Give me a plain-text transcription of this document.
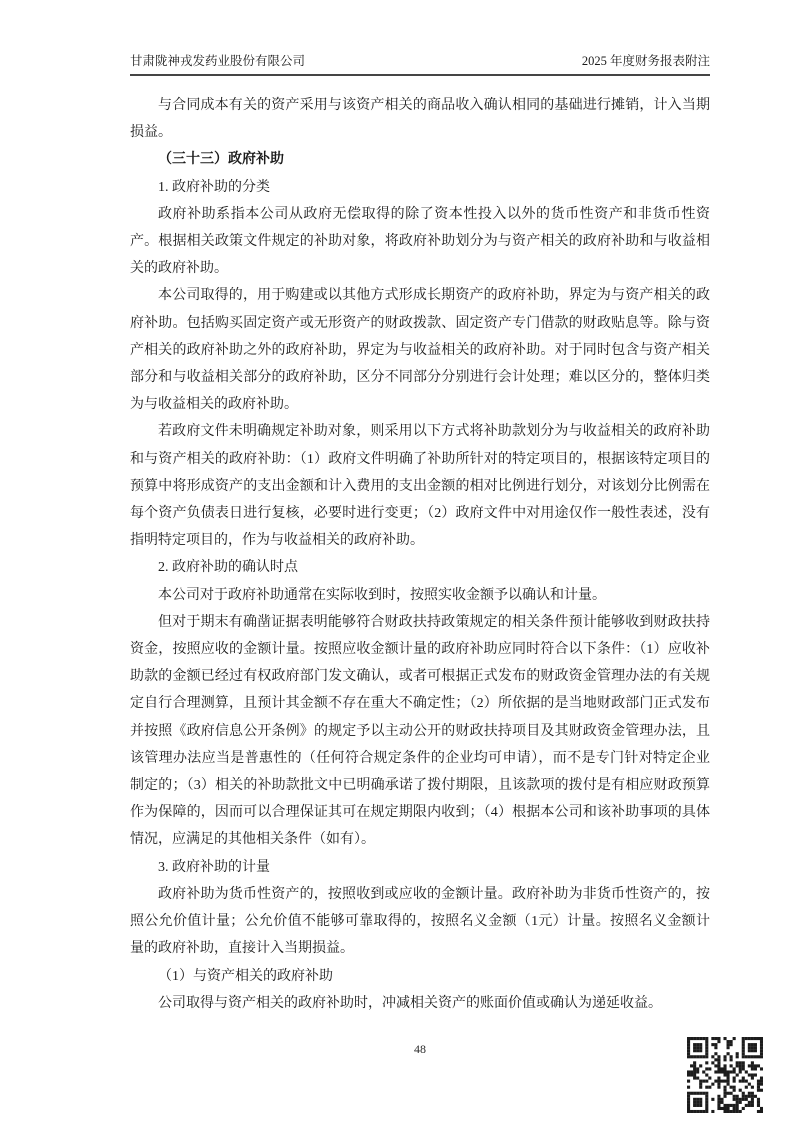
甘肃陇神戎发药业股份有限公司	2025 年度财务报表附注

与合同成本有关的资产采用与该资产相关的商品收入确认相同的基础进行摊销，计入当期损益。

（三十三）政府补助

1. 政府补助的分类

政府补助系指本公司从政府无偿取得的除了资本性投入以外的货币性资产和非货币性资产。根据相关政策文件规定的补助对象，将政府补助划分为与资产相关的政府补助和与收益相关的政府补助。

本公司取得的，用于购建或以其他方式形成长期资产的政府补助，界定为与资产相关的政府补助。包括购买固定资产或无形资产的财政拨款、固定资产专门借款的财政贴息等。除与资产相关的政府补助之外的政府补助，界定为与收益相关的政府补助。对于同时包含与资产相关部分和与收益相关部分的政府补助，区分不同部分分别进行会计处理；难以区分的，整体归类为与收益相关的政府补助。

若政府文件未明确规定补助对象，则采用以下方式将补助款划分为与收益相关的政府补助和与资产相关的政府补助：（1）政府文件明确了补助所针对的特定项目的，根据该特定项目的预算中将形成资产的支出金额和计入费用的支出金额的相对比例进行划分，对该划分比例需在每个资产负债表日进行复核，必要时进行变更；（2）政府文件中对用途仅作一般性表述，没有指明特定项目的，作为与收益相关的政府补助。

2. 政府补助的确认时点

本公司对于政府补助通常在实际收到时，按照实收金额予以确认和计量。

但对于期末有确凿证据表明能够符合财政扶持政策规定的相关条件预计能够收到财政扶持资金，按照应收的金额计量。按照应收金额计量的政府补助应同时符合以下条件：（1）应收补助款的金额已经过有权政府部门发文确认，或者可根据正式发布的财政资金管理办法的有关规定自行合理测算，且预计其金额不存在重大不确定性；（2）所依据的是当地财政部门正式发布并按照《政府信息公开条例》的规定予以主动公开的财政扶持项目及其财政资金管理办法，且该管理办法应当是普惠性的（任何符合规定条件的企业均可申请），而不是专门针对特定企业制定的；（3）相关的补助款批文中已明确承诺了拨付期限，且该款项的拨付是有相应财政预算作为保障的，因而可以合理保证其可在规定期限内收到；（4）根据本公司和该补助事项的具体情况，应满足的其他相关条件（如有）。

3. 政府补助的计量

政府补助为货币性资产的，按照收到或应收的金额计量。政府补助为非货币性资产的，按照公允价值计量；公允价值不能够可靠取得的，按照名义金额（1元）计量。按照名义金额计量的政府补助，直接计入当期损益。

（1）与资产相关的政府补助

公司取得与资产相关的政府补助时，冲减相关资产的账面价值或确认为递延收益。

48
